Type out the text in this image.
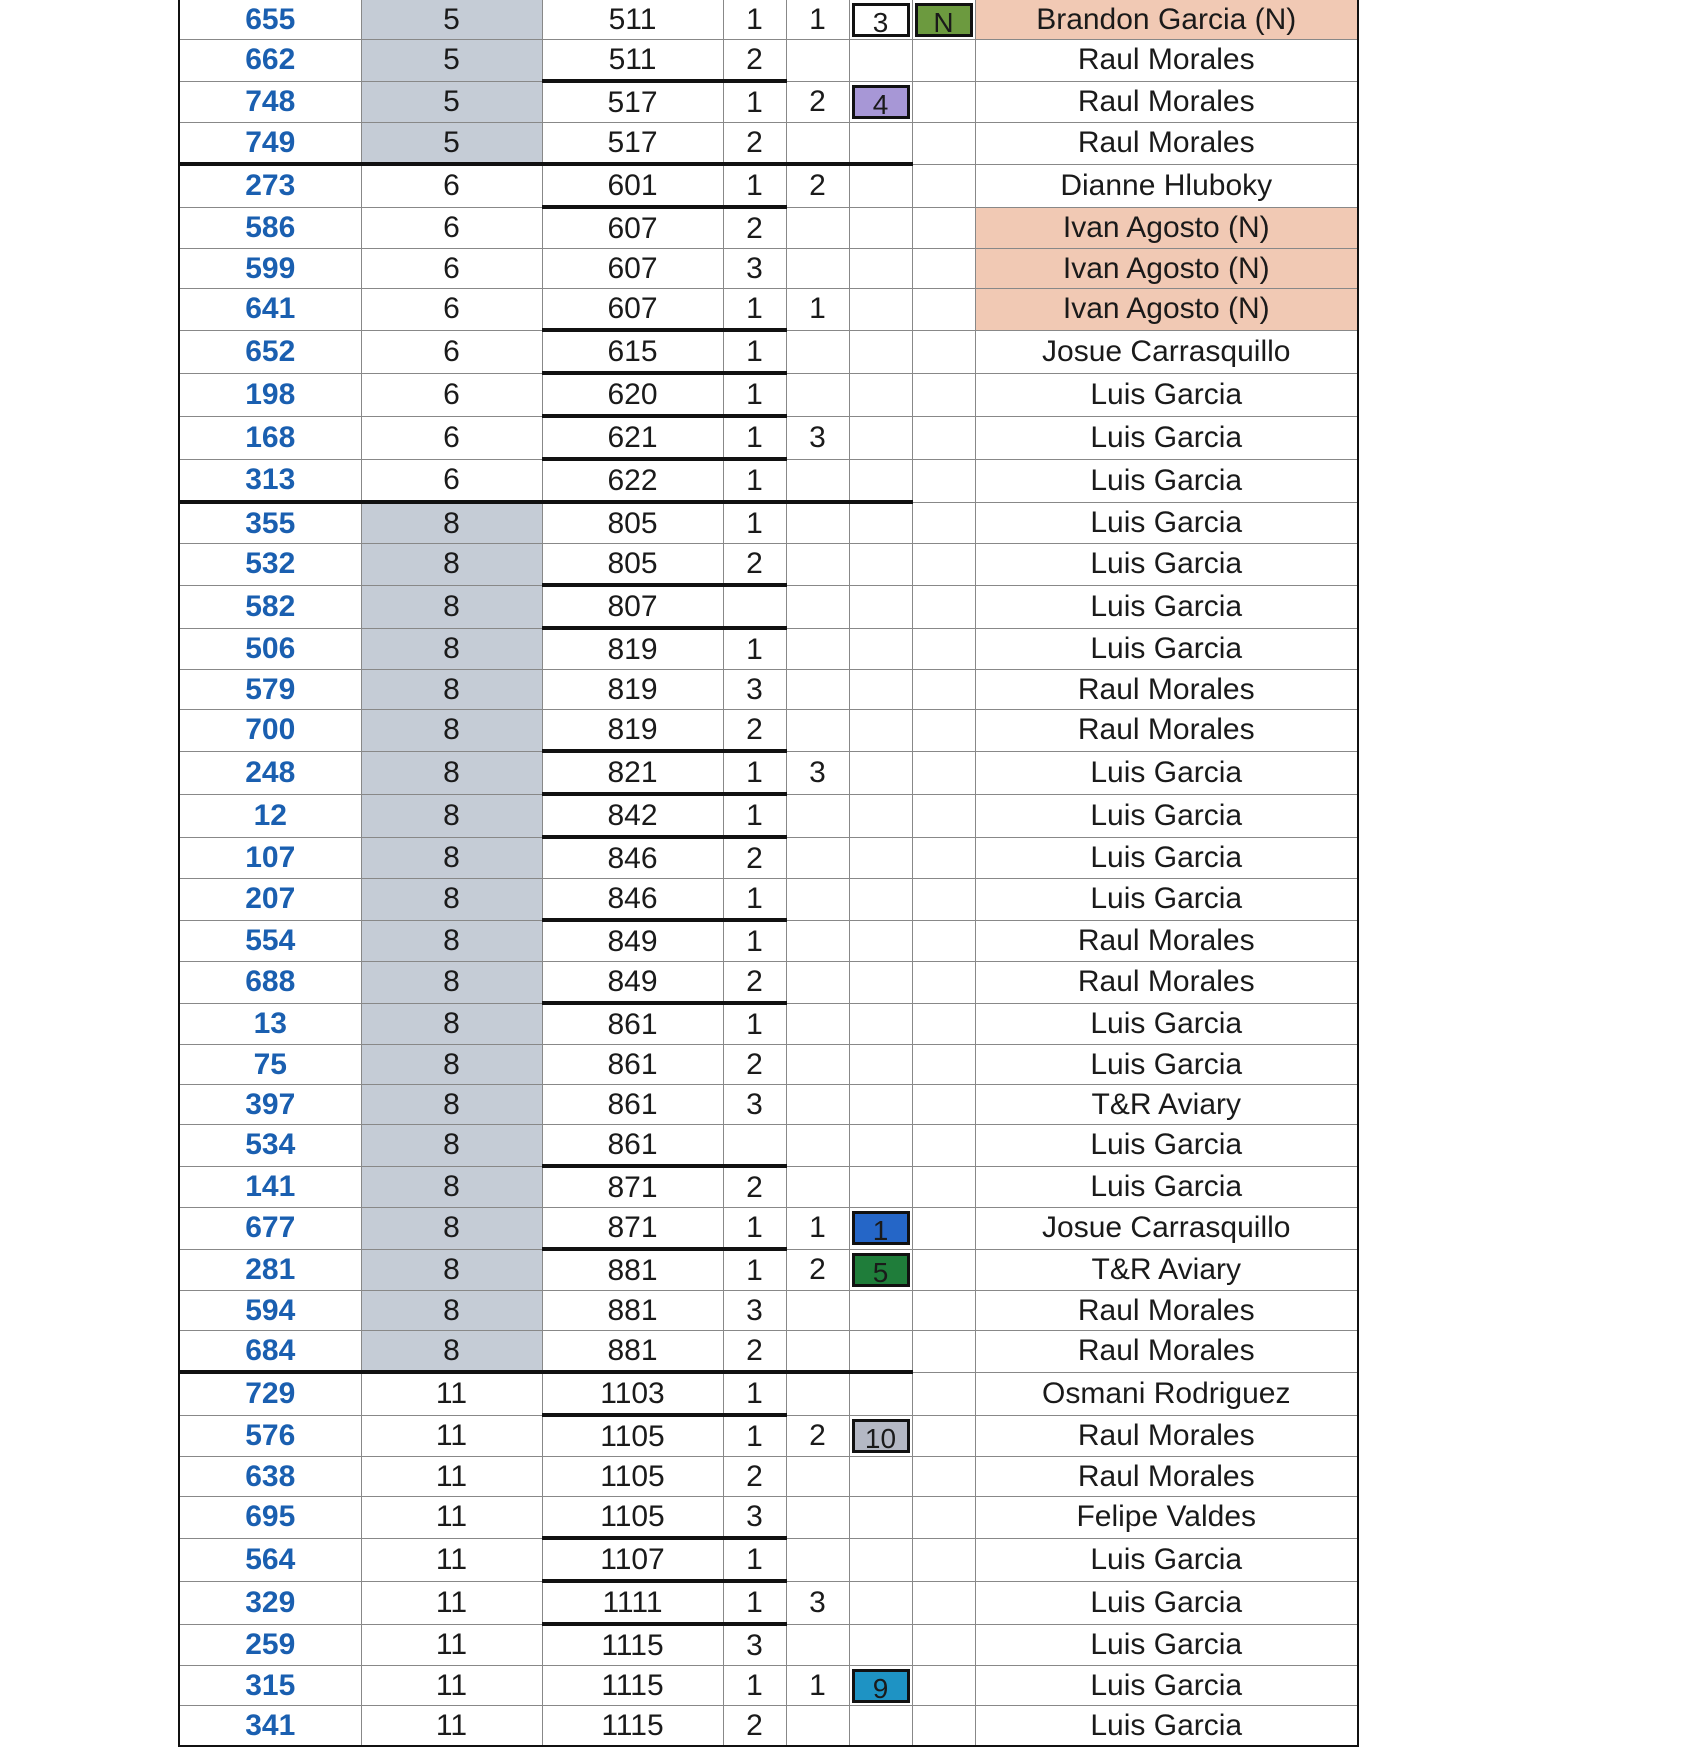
655	5	511	1	1	3	N	Brandon Garcia (N)
662	5	511	2				Raul Morales
748	5	517	1	2	4		Raul Morales
749	5	517	2				Raul Morales
273	6	601	1	2			Dianne Hluboky
586	6	607	2				Ivan Agosto (N)
599	6	607	3				Ivan Agosto (N)
641	6	607	1	1			Ivan Agosto (N)
652	6	615	1				Josue Carrasquillo
198	6	620	1				Luis Garcia
168	6	621	1	3			Luis Garcia
313	6	622	1				Luis Garcia
355	8	805	1				Luis Garcia
532	8	805	2				Luis Garcia
582	8	807					Luis Garcia
506	8	819	1				Luis Garcia
579	8	819	3				Raul Morales
700	8	819	2				Raul Morales
248	8	821	1	3			Luis Garcia
12	8	842	1				Luis Garcia
107	8	846	2				Luis Garcia
207	8	846	1				Luis Garcia
554	8	849	1				Raul Morales
688	8	849	2				Raul Morales
13	8	861	1				Luis Garcia
75	8	861	2				Luis Garcia
397	8	861	3				T&R Aviary
534	8	861					Luis Garcia
141	8	871	2				Luis Garcia
677	8	871	1	1	1		Josue Carrasquillo
281	8	881	1	2	5		T&R Aviary
594	8	881	3				Raul Morales
684	8	881	2				Raul Morales
729	11	1103	1				Osmani Rodriguez
576	11	1105	1	2	10		Raul Morales
638	11	1105	2				Raul Morales
695	11	1105	3				Felipe Valdes
564	11	1107	1				Luis Garcia
329	11	1111	1	3			Luis Garcia
259	11	1115	3				Luis Garcia
315	11	1115	1	1	9		Luis Garcia
341	11	1115	2				Luis Garcia
